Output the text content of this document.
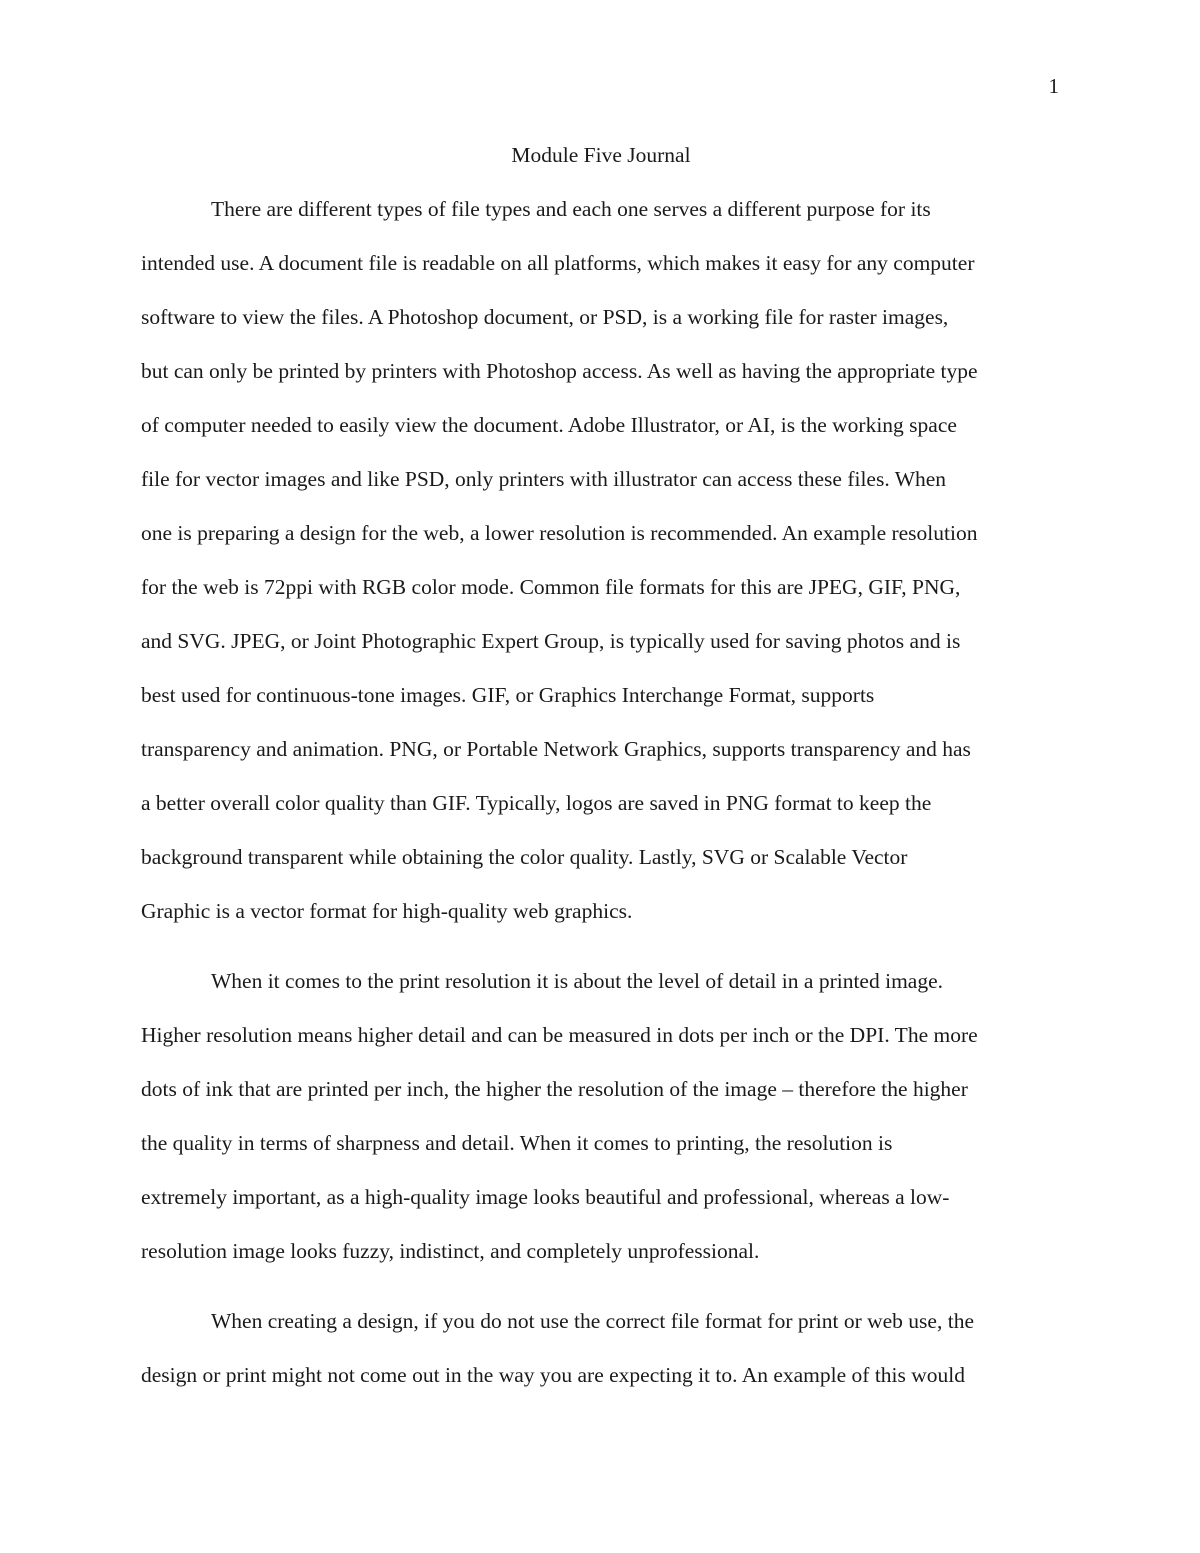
1
Module Five Journal
There are different types of file types and each one serves a different purpose for its
intended use. A document file is readable on all platforms, which makes it easy for any computer
software to view the files. A Photoshop document, or PSD, is a working file for raster images,
but can only be printed by printers with Photoshop access. As well as having the appropriate type
of computer needed to easily view the document. Adobe Illustrator, or AI, is the working space
file for vector images and like PSD, only printers with illustrator can access these files. When
one is preparing a design for the web, a lower resolution is recommended. An example resolution
for the web is 72ppi with RGB color mode. Common file formats for this are JPEG, GIF, PNG,
and SVG. JPEG, or Joint Photographic Expert Group, is typically used for saving photos and is
best used for continuous-tone images. GIF, or Graphics Interchange Format, supports
transparency and animation. PNG, or Portable Network Graphics, supports transparency and has
a better overall color quality than GIF. Typically, logos are saved in PNG format to keep the
background transparent while obtaining the color quality. Lastly, SVG or Scalable Vector
Graphic is a vector format for high-quality web graphics.
When it comes to the print resolution it is about the level of detail in a printed image.
Higher resolution means higher detail and can be measured in dots per inch or the DPI. The more
dots of ink that are printed per inch, the higher the resolution of the image – therefore the higher
the quality in terms of sharpness and detail. When it comes to printing, the resolution is
extremely important, as a high-quality image looks beautiful and professional, whereas a low-
resolution image looks fuzzy, indistinct, and completely unprofessional.
When creating a design, if you do not use the correct file format for print or web use, the
design or print might not come out in the way you are expecting it to. An example of this would
